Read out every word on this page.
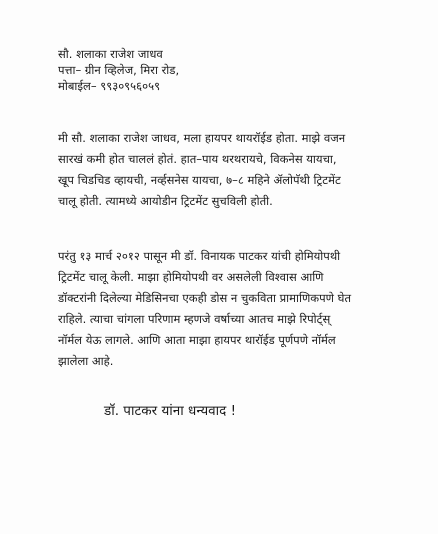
सौ. शलाका राजेश जाधव
पत्ता– ग्रीन व्हिलेज, मिरा रोड,
मोबाईल– ९९३०९५६०५९
मी सौ. शलाका राजेश जाधव, मला हायपर थायरॉईड होता. माझे वजन
सारखं कमी होत चाललं होतं. हात–पाय थरथरायचे, विकनेस यायचा,
खूप चिडचिड व्हायची, नर्व्हसनेस यायचा, ७–८ महिने ॲलोपॅथी ट्रिटमेंट
चालू होती. त्यामध्ये आयोडीन ट्रिटमेंट सुचविली होती.
परंतु १३ मार्च २०१२ पासून मी डॉ. विनायक पाटकर यांची होमियोपथी
ट्रिटमेंट चालू केली. माझा होमियोपथी वर असलेली विश्वास आणि
डॉक्टरांनी दिलेल्या मेडिसिनचा एकही डोस न चुकविता प्रामाणिकपणे घेत
राहिले. त्याचा चांगला परिणाम म्हणजे वर्षाच्या आतच माझे रिपोर्ट्स्
नॉर्मल येऊ लागले. आणि आता माझा हायपर थारॉईड पूर्णपणे नॉर्मल
झालेला आहे.
डॉ. पाटकर यांना धन्यवाद !
